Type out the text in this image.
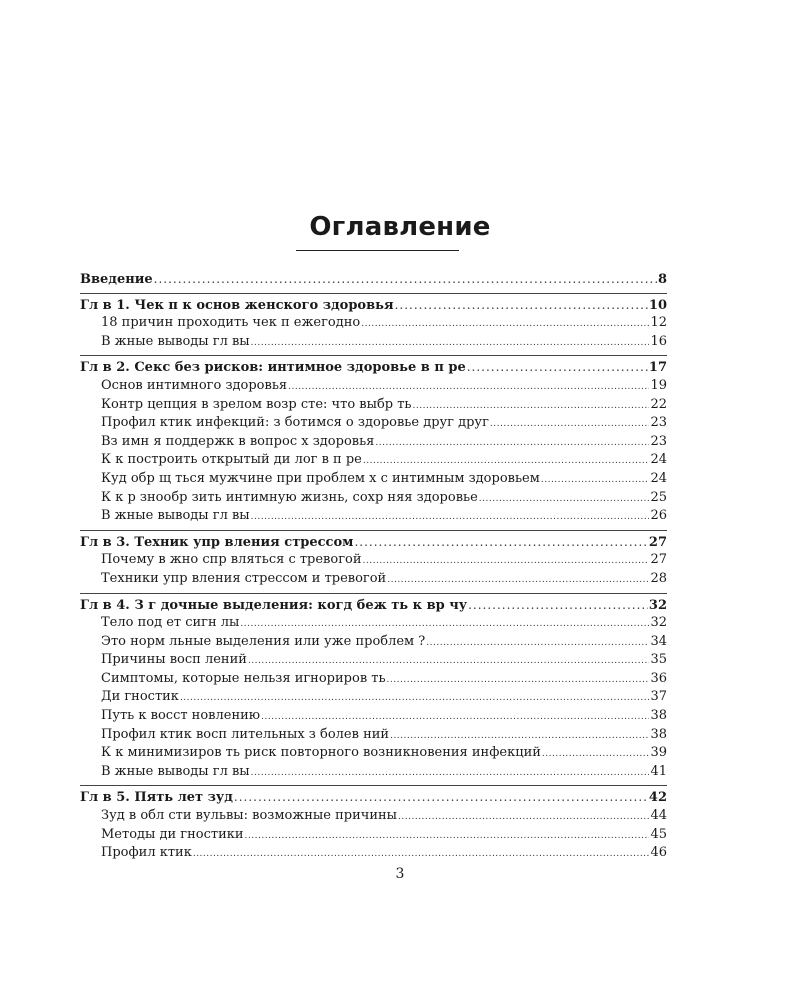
Оглавление
Введение .....	8
Гл в 1. Чек п к основ женского здоровья .....	10
18 причин проходить чек п ежегодно .....	12
В жные выводы гл вы .....	16
Гл в 2. Секс без рисков: интимное здоровье в п ре .....	17
Основ интимного здоровья .....	19
Контр цепция в зрелом возр сте: что выбр ть .....	22
Профил ктик инфекций: з ботимся о здоровье друг друг .....	23
Вз имн я поддержк в вопрос х здоровья .....	23
К к построить открытый ди лог в п ре .....	24
Куд обр щ ться мужчине при проблем х с интимным здоровьем .....	24
К к р знообр зить интимную жизнь, сохр няя здоровье .....	25
В жные выводы гл вы .....	26
Гл в 3. Техник упр вления стрессом .....	27
Почему в жно спр вляться с тревогой .....	27
Техники упр вления стрессом и тревогой .....	28
Гл в 4. З г дочные выделения: когд беж ть к вр чу .....	32
Тело под ет сигн лы .....	32
Это норм льные выделения или уже проблем ? .....	34
Причины восп лений .....	35
Симптомы, которые нельзя игнориров ть .....	36
Ди гностик .....	37
Путь к восст новлению .....	38
Профил ктик восп лительных з болев ний .....	38
К к минимизиров ть риск повторного возникновения инфекций .....	39
В жные выводы гл вы .....	41
Гл в 5. Пять лет зуд .....	42
Зуд в обл сти вульвы: возможные причины .....	44
Методы ди гностики .....	45
Профил ктик .....	46

3
